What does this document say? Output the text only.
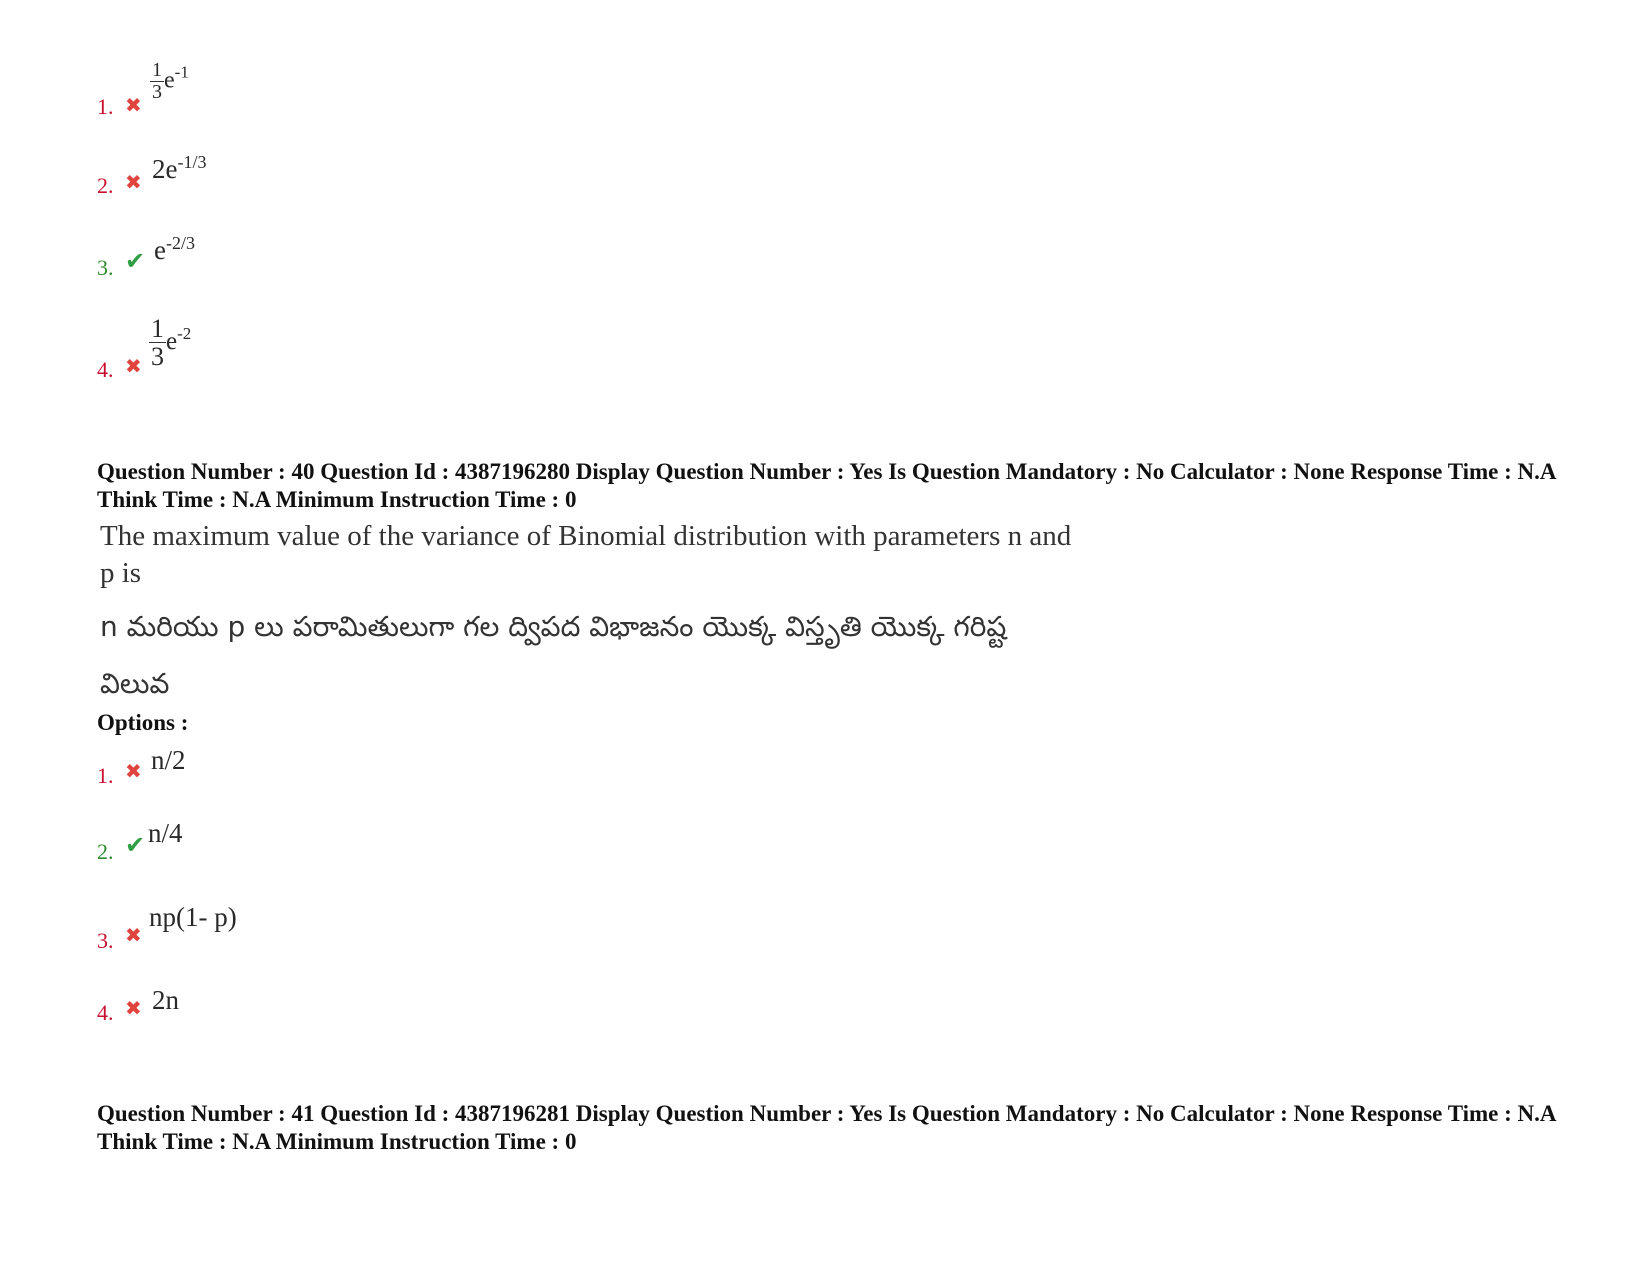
1. ✖
$\frac{1}{3} e^{-1}$
2. ✖ $2e^{-1/3}$
3. ✔ $e^{-2/3}$
4. ✖ $\frac{1}{3} e^{-2}$
Question Number : 40 Question Id : 4387196280 Display Question Number : Yes Is Question Mandatory : No Calculator : None Response Time : N.A Think Time : N.A Minimum Instruction Time : 0
The maximum value of the variance of Binomial distribution with parameters n and
p is
n మరియు p లు పరామితులుగా గల ద్విపద విభాజనం యొక్క విస్తృతి యొక్క గరిష్ట
విలువ
Options :
1. ✖ n/2
2. ✔ n/4
3. ✖
np(1- p)
4. ✖ 2n
Question Number : 41 Question Id : 4387196281 Display Question Number : Yes Is Question Mandatory : No Calculator : None Response Time : N.A Think Time : N.A Minimum Instruction Time : 0
